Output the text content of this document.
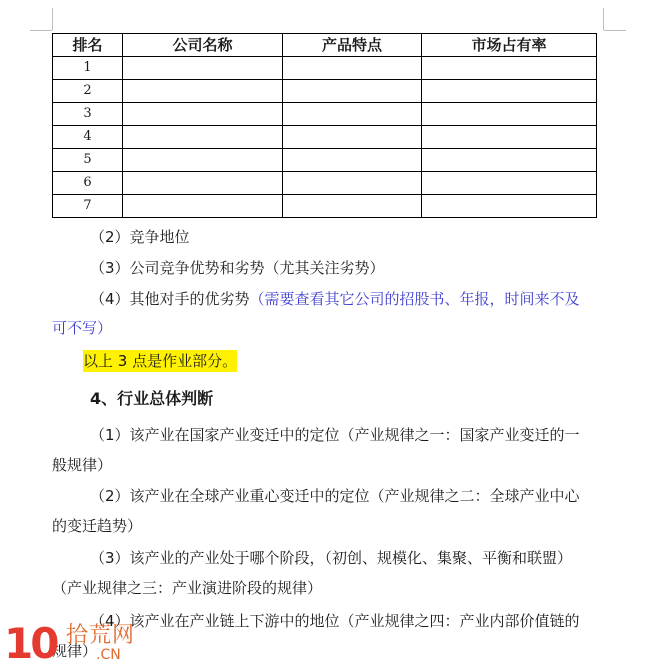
排名	公司名称	产品特点	市场占有率
1			
2			
3			
4			
5			
6			
7			

（2）竞争地位

（3）公司竞争优势和劣势（尤其关注劣势）

（4）其他对手的优劣势（需要查看其它公司的招股书、年报，时间来不及

可不写）

以上 3 点是作业部分。

4、行业总体判断

（1）该产业在国家产业变迁中的定位（产业规律之一：国家产业变迁的一

般规律）

（2）该产业在全球产业重心变迁中的定位（产业规律之二：全球产业中心

的变迁趋势）

（3）该产业的产业处于哪个阶段，（初创、规模化、集聚、平衡和联盟）

（产业规律之三：产业演进阶段的规律）

（4）该产业在产业链上下游中的地位（产业规律之四：产业内部价值链的

规律）

10 拾荒网
.CN
